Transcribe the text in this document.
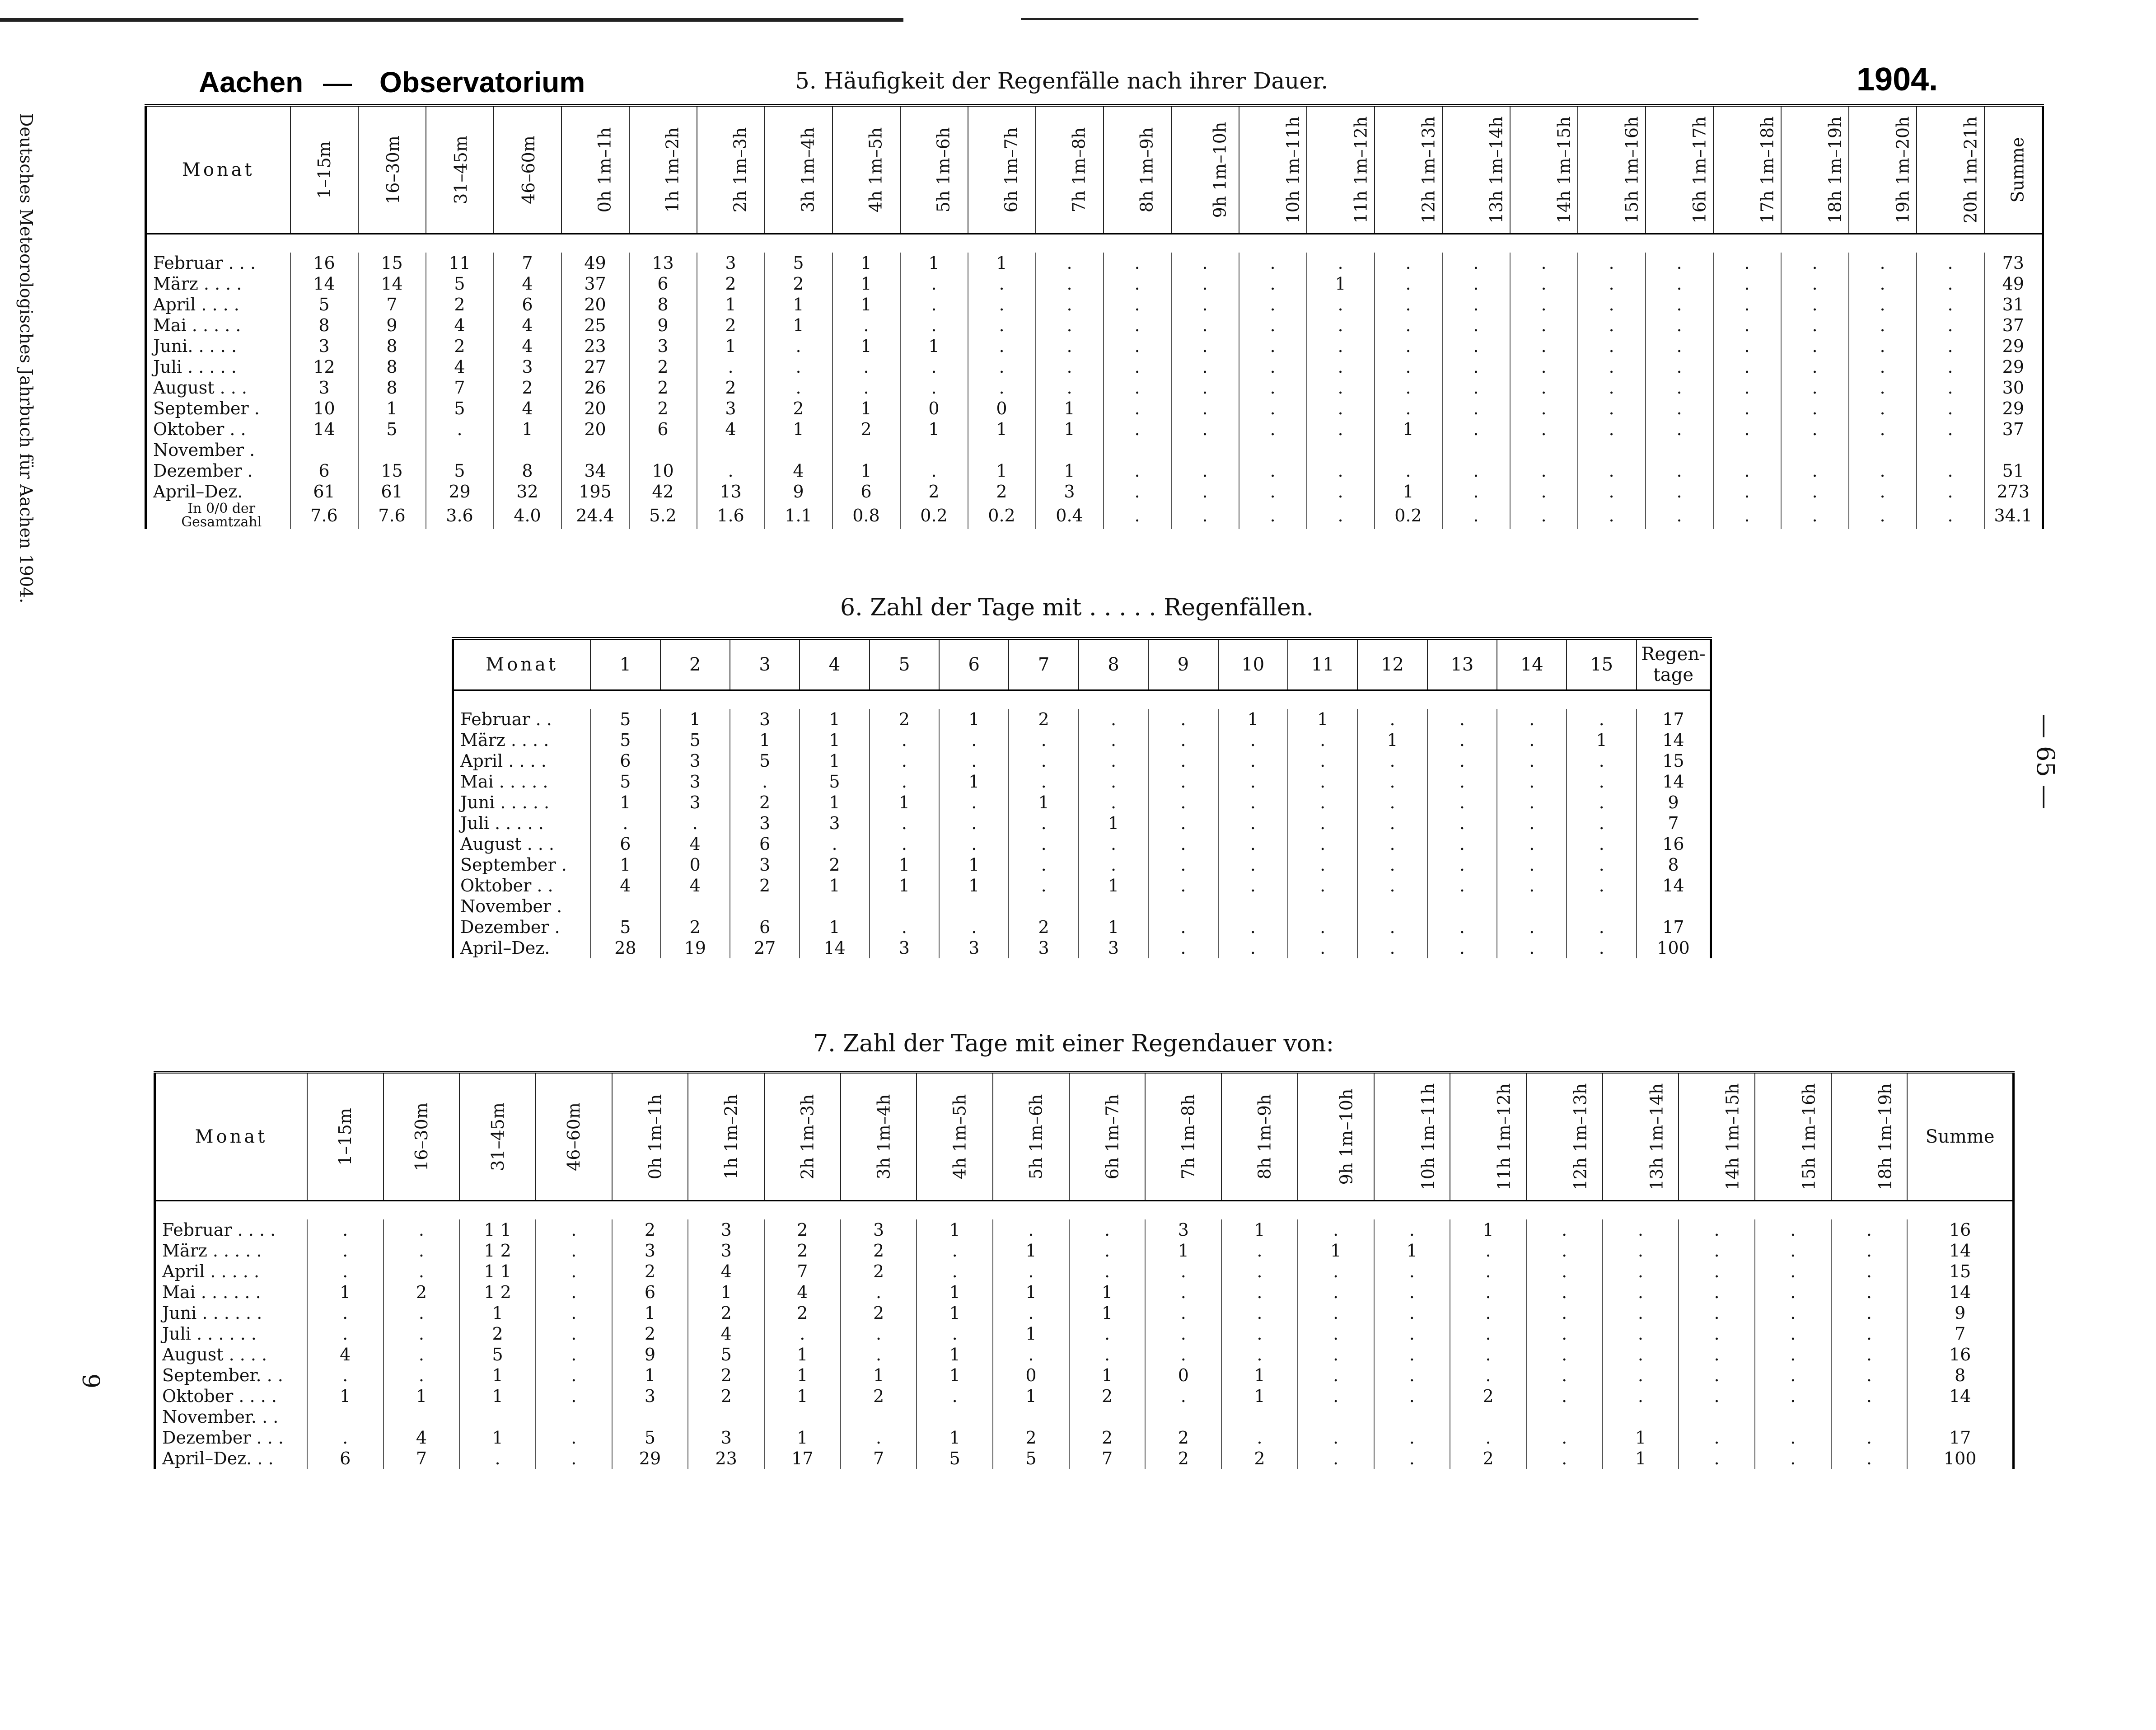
Aachen — Observatorium	1904.
5. Häufigkeit der Regenfälle nach ihrer Dauer.
6. Zahl der Tage mit . . . . . Regenfällen.
7. Zahl der Tage mit einer Regendauer von:
Deutsches Meteorologisches Jahrbuch für Aachen 1904.
— 65 —
9
Monat	1–15m	16–30m	31–45m	46–60m	0h 1m–1h	1h 1m–2h	2h 1m–3h	3h 1m–4h	4h 1m–5h	5h 1m–6h	6h 1m–7h	7h 1m–8h	8h 1m–9h	9h 1m–10h	10h 1m–11h	11h 1m–12h	12h 1m–13h	13h 1m–14h	14h 1m–15h	15h 1m–16h	16h 1m–17h	17h 1m–18h	18h 1m–19h	19h 1m–20h	20h 1m–21h	Summe

Februar . . .	16	15	11	7	49	13	3	5	1	1	1	.	.	.	.	.	.	.	.	.	.	.	.	.	.	73
März . . . .	14	14	5	4	37	6	2	2	1	.	.	.	.	.	.	1	.	.	.	.	.	.	.	.	.	49
April . . . .	5	7	2	6	20	8	1	1	1	.	.	.	.	.	.	.	.	.	.	.	.	.	.	.	.	31
Mai . . . . .	8	9	4	4	25	9	2	1	.	.	.	.	.	.	.	.	.	.	.	.	.	.	.	.	.	37
Juni. . . . .	3	8	2	4	23	3	1	.	1	1	.	.	.	.	.	.	.	.	.	.	.	.	.	.	.	29
Juli . . . . .	12	8	4	3	27	2	.	.	.	.	.	.	.	.	.	.	.	.	.	.	.	.	.	.	.	29
August . . .	3	8	7	2	26	2	2	.	.	.	.	.	.	.	.	.	.	.	.	.	.	.	.	.	.	30
September .	10	1	5	4	20	2	3	2	1	0	0	1	.	.	.	.	.	.	.	.	.	.	.	.	.	29
Oktober . .	14	5	.	1	20	6	4	1	2	1	1	1	.	.	.	.	1	.	.	.	.	.	.	.	.	37
November .																										
Dezember .	6	15	5	8	34	10	.	4	1	.	1	1	.	.	.	.	.	.	.	.	.	.	.	.	.	51
April–Dez.	61	61	29	32	195	42	13	9	6	2	2	3	.	.	.	.	1	.	.	.	.	.	.	.	.	273
In 0/0 der Gesamtzahl	7.6	7.6	3.6	4.0	24.4	5.2	1.6	1.1	0.8	0.2	0.2	0.4	.	.	.	.	0.2	.	.	.	.	.	.	.	.	34.1
Monat	1	2	3	4	5	6	7	8	9	10	11	12	13	14	15	Regen-tage

Februar . .	5	1	3	1	2	1	2	.	.	1	1	.	.	.	.	17
März . . . .	5	5	1	1	.	.	.	.	.	.	.	1	.	.	1	14
April . . . .	6	3	5	1	.	.	.	.	.	.	.	.	.	.	.	15
Mai . . . . .	5	3	.	5	.	1	.	.	.	.	.	.	.	.	.	14
Juni . . . . .	1	3	2	1	1	.	1	.	.	.	.	.	.	.	.	9
Juli . . . . .	.	.	3	3	.	.	.	1	.	.	.	.	.	.	.	7
August . . .	6	4	6	.	.	.	.	.	.	.	.	.	.	.	.	16
September .	1	0	3	2	1	1	.	.	.	.	.	.	.	.	.	8
Oktober . .	4	4	2	1	1	1	.	1	.	.	.	.	.	.	.	14
November .																
Dezember .	5	2	6	1	.	.	2	1	.	.	.	.	.	.	.	17
April–Dez.	28	19	27	14	3	3	3	3	.	.	.	.	.	.	.	100
Monat	1–15m	16–30m	31–45m	46–60m	0h 1m–1h	1h 1m–2h	2h 1m–3h	3h 1m–4h	4h 1m–5h	5h 1m–6h	6h 1m–7h	7h 1m–8h	8h 1m–9h	9h 1m–10h	10h 1m–11h	11h 1m–12h	12h 1m–13h	13h 1m–14h	14h 1m–15h	15h 1m–16h	18h 1m–19h	Summe

Februar . . . .	.	.	1 1	.	2	3	2	3	1	.	.	3	1	.	.	1	.	.	.	.	.	16
März . . . . .	.	.	1 2	.	3	3	2	2	.	1	.	1	.	1	1	.	.	.	.	.	.	14
April . . . . .	.	.	1 1	.	2	4	7	2	.	.	.	.	.	.	.	.	.	.	.	.	.	15
Mai . . . . . .	1	2	1 2	.	6	1	4	.	1	1	1	.	.	.	.	.	.	.	.	.	.	14
Juni . . . . . .	.	.	1	.	1	2	2	2	1	.	1	.	.	.	.	.	.	.	.	.	.	9
Juli . . . . . .	.	.	2	.	2	4	.	.	.	1	.	.	.	.	.	.	.	.	.	.	.	7
August . . . .	4	.	5	.	9	5	1	.	1	.	.	.	.	.	.	.	.	.	.	.	.	16
September. . .	.	.	1	.	1	2	1	1	1	0	1	0	1	.	.	.	.	.	.	.	.	8
Oktober . . . .	1	1	1	.	3	2	1	2	.	1	2	.	1	.	.	2	.	.	.	.	.	14
November. . .																						
Dezember . . .	.	4	1	.	5	3	1	.	1	2	2	2	.	.	.	.	.	1	.	.	.	17
April–Dez. . .	6	7	.	.	29	23	17	7	5	5	7	2	2	.	.	2	.	1	.	.	.	100
